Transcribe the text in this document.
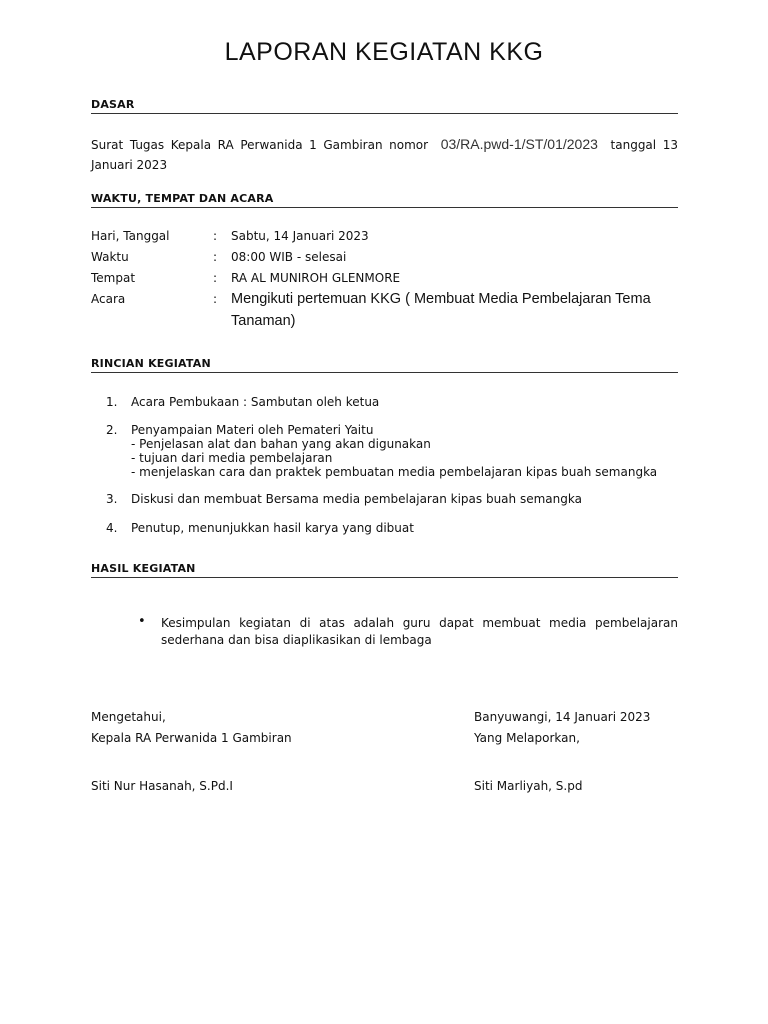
LAPORAN KEGIATAN KKG
DASAR
Surat Tugas Kepala RA Perwanida 1 Gambiran nomor 03/RA.pwd-1/ST/01/2023 tanggal 13 Januari 2023
WAKTU, TEMPAT DAN ACARA
Hari, Tanggal	: Sabtu, 14 Januari 2023
Waktu	: 08:00 WIB - selesai
Tempat	: RA AL MUNIROH GLENMORE
Acara	: Mengikuti pertemuan KKG ( Membuat Media Pembelajaran Tema Tanaman)
RINCIAN KEGIATAN
1. Acara Pembukaan : Sambutan oleh ketua
2. Penyampaian Materi oleh Pemateri Yaitu
- Penjelasan alat dan bahan yang akan digunakan
- tujuan dari media pembelajaran
- menjelaskan cara dan praktek pembuatan media pembelajaran kipas buah semangka
3. Diskusi dan membuat Bersama media pembelajaran kipas buah semangka
4. Penutup, menunjukkan hasil karya yang dibuat
HASIL KEGIATAN
• Kesimpulan kegiatan di atas adalah guru dapat membuat media pembelajaran sederhana dan bisa diaplikasikan di lembaga
Mengetahui,
Kepala RA Perwanida 1 Gambiran
Siti Nur Hasanah, S.Pd.I
Banyuwangi, 14 Januari 2023
Yang Melaporkan,
Siti Marliyah, S.pd
